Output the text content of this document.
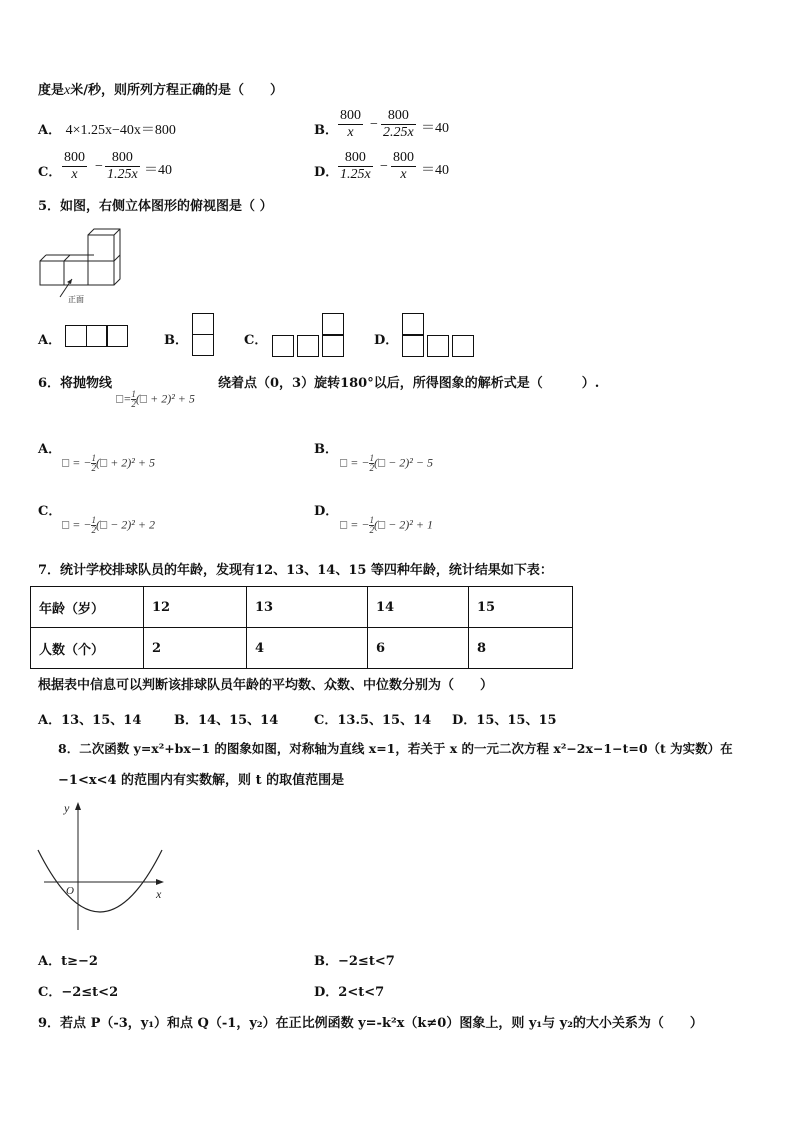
度是x米/秒，则所列方程正确的是（　　）
A． 4×1.25x−40x＝800	B． $\frac{800}{x} - \frac{800}{2.25x} =40$
C． $\frac{800}{x} - \frac{800}{1.25x} =40$	D． $\frac{800}{1.25x} - \frac{800}{x} =40$
5．如图，右侧立体图形的俯视图是（ ）
正面
A．	B．	C．	D．
6．将抛物线
□= $\frac{1}{2}$ (□ + 2)² + 5
绕着点（0，3）旋转180°以后，所得图象的解析式是（　　　）.
A．
□ = − $\frac{1}{2}$ (□ + 2)² + 5
B．
□ = − $\frac{1}{2}$ (□ − 2)² − 5
C．
□ = − $\frac{1}{2}$ (□ − 2)² + 2
D．
□ = − $\frac{1}{2}$ (□ − 2)² + 1
7．统计学校排球队员的年龄，发现有12、13、14、15 等四种年龄，统计结果如下表：
年龄（岁）	12	13	14	15
人数（个）	2	4	6	8
根据表中信息可以判断该排球队员年龄的平均数、众数、中位数分别为（　　）
A．13、15、14	B．14、15、14	C．13.5、15、14 D．15、15、15
8．二次函数 y=x²+bx−1 的图象如图，对称轴为直线 x=1，若关于 x 的一元二次方程 x²−2x−1−t=0（t 为实数）在
−1<x<4 的范围内有实数解，则 t 的取值范围是
y
x
O
A．t≥−2	B．−2≤t<7
C．−2≤t<2	D．2<t<7
9．若点 P（-3，y₁）和点 Q（-1，y₂）在正比例函数 y=-k²x（k≠0）图象上，则 y₁与 y₂的大小关系为（　　）
